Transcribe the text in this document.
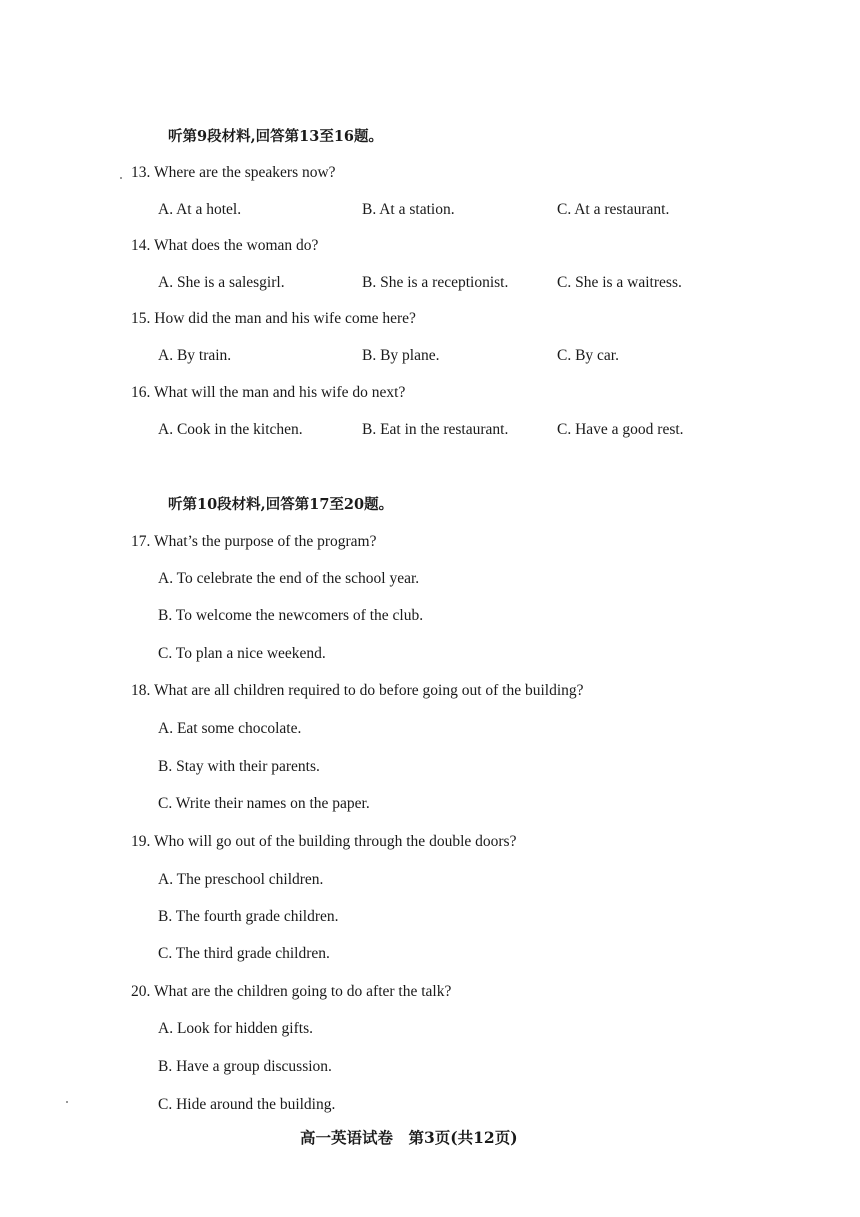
听第9段材料,回答第13至16题。
13. Where are the speakers now?
A. At a hotel.	B. At a station.	C. At a restaurant.
14. What does the woman do?
A. She is a salesgirl.	B. She is a receptionist.	C. She is a waitress.
15. How did the man and his wife come here?
A. By train.	B. By plane.	C. By car.
16. What will the man and his wife do next?
A. Cook in the kitchen.	B. Eat in the restaurant.	C. Have a good rest.
听第10段材料,回答第17至20题。
17. What’s the purpose of the program?
A. To celebrate the end of the school year.
B. To welcome the newcomers of the club.
C. To plan a nice weekend.
18. What are all children required to do before going out of the building?
A. Eat some chocolate.
B. Stay with their parents.
C. Write their names on the paper.
19. Who will go out of the building through the double doors?
A. The preschool children.
B. The fourth grade children.
C. The third grade children.
20. What are the children going to do after the talk?
A. Look for hidden gifts.
B. Have a group discussion.
C. Hide around the building.
高一英语试卷　第3页(共12页)
